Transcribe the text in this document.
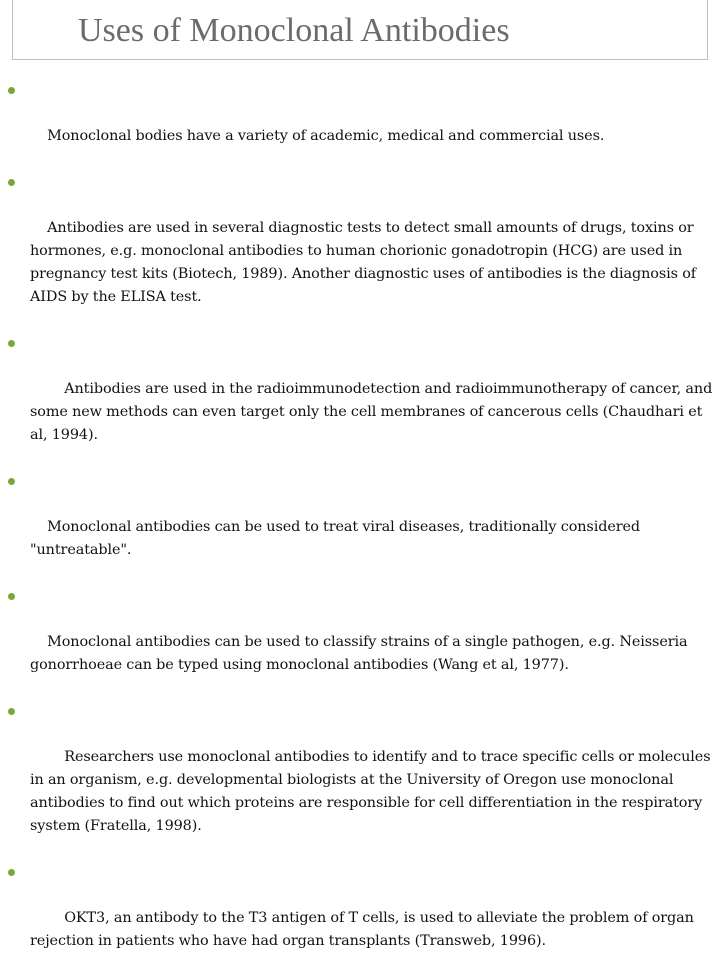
Uses of Monoclonal Antibodies

Monoclonal bodies have a variety of academic, medical and commercial uses.

Antibodies are used in several diagnostic tests to detect small amounts of drugs, toxins or hormones, e.g. monoclonal antibodies to human chorionic gonadotropin (HCG) are used in pregnancy test kits (Biotech, 1989). Another diagnostic uses of antibodies is the diagnosis of AIDS by the ELISA test.

Antibodies are used in the radioimmunodetection and radioimmunotherapy of cancer, and some new methods can even target only the cell membranes of cancerous cells (Chaudhari et al, 1994).

Monoclonal antibodies can be used to treat viral diseases, traditionally considered "untreatable".

Monoclonal antibodies can be used to classify strains of a single pathogen, e.g. Neisseria gonorrhoeae can be typed using monoclonal antibodies (Wang et al, 1977).

Researchers use monoclonal antibodies to identify and to trace specific cells or molecules in an organism, e.g. developmental biologists at the University of Oregon use monoclonal antibodies to find out which proteins are responsible for cell differentiation in the respiratory system (Fratella, 1998).

OKT3, an antibody to the T3 antigen of T cells, is used to alleviate the problem of organ rejection in patients who have had organ transplants (Transweb, 1996).
